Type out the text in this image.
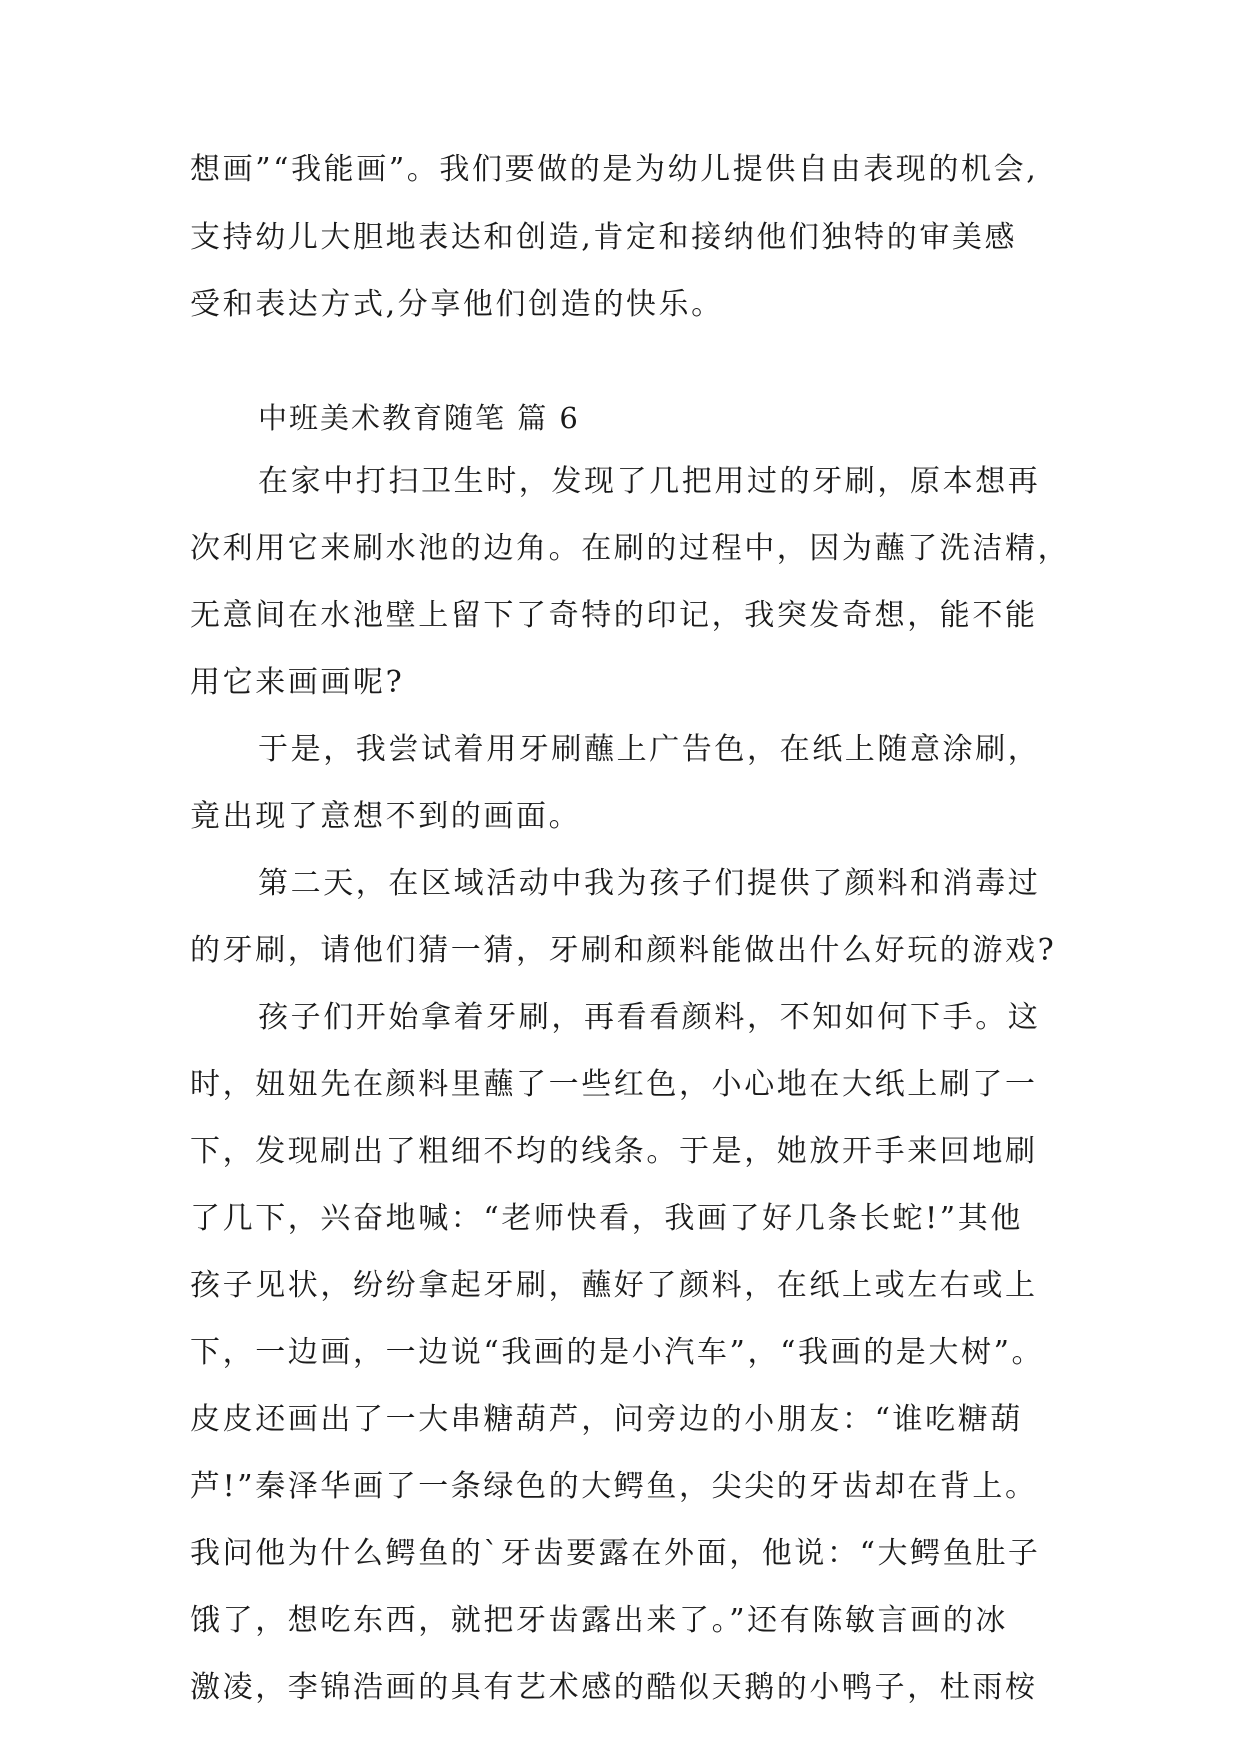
想画”“我能画”。我们要做的是为幼儿提供自由表现的机会,
支持幼儿大胆地表达和创造,肯定和接纳他们独特的审美感
受和表达方式,分享他们创造的快乐。
中班美术教育随笔 篇 6
在家中打扫卫生时，发现了几把用过的牙刷，原本想再
次利用它来刷水池的边角。在刷的过程中，因为蘸了洗洁精，
无意间在水池壁上留下了奇特的印记，我突发奇想，能不能
用它来画画呢?
于是，我尝试着用牙刷蘸上广告色，在纸上随意涂刷，
竟出现了意想不到的画面。
第二天，在区域活动中我为孩子们提供了颜料和消毒过
的牙刷，请他们猜一猜，牙刷和颜料能做出什么好玩的游戏?
孩子们开始拿着牙刷，再看看颜料，不知如何下手。这
时，妞妞先在颜料里蘸了一些红色，小心地在大纸上刷了一
下，发现刷出了粗细不均的线条。于是，她放开手来回地刷
了几下，兴奋地喊：“老师快看，我画了好几条长蛇!”其他
孩子见状，纷纷拿起牙刷，蘸好了颜料，在纸上或左右或上
下，一边画，一边说“我画的是小汽车”，“我画的是大树”。
皮皮还画出了一大串糖葫芦，问旁边的小朋友：“谁吃糖葫
芦!”秦泽华画了一条绿色的大鳄鱼，尖尖的牙齿却在背上。
我问他为什么鳄鱼的`牙齿要露在外面，他说：“大鳄鱼肚子
饿了，想吃东西，就把牙齿露出来了。”还有陈敏言画的冰
激凌，李锦浩画的具有艺术感的酷似天鹅的小鸭子，杜雨桉
